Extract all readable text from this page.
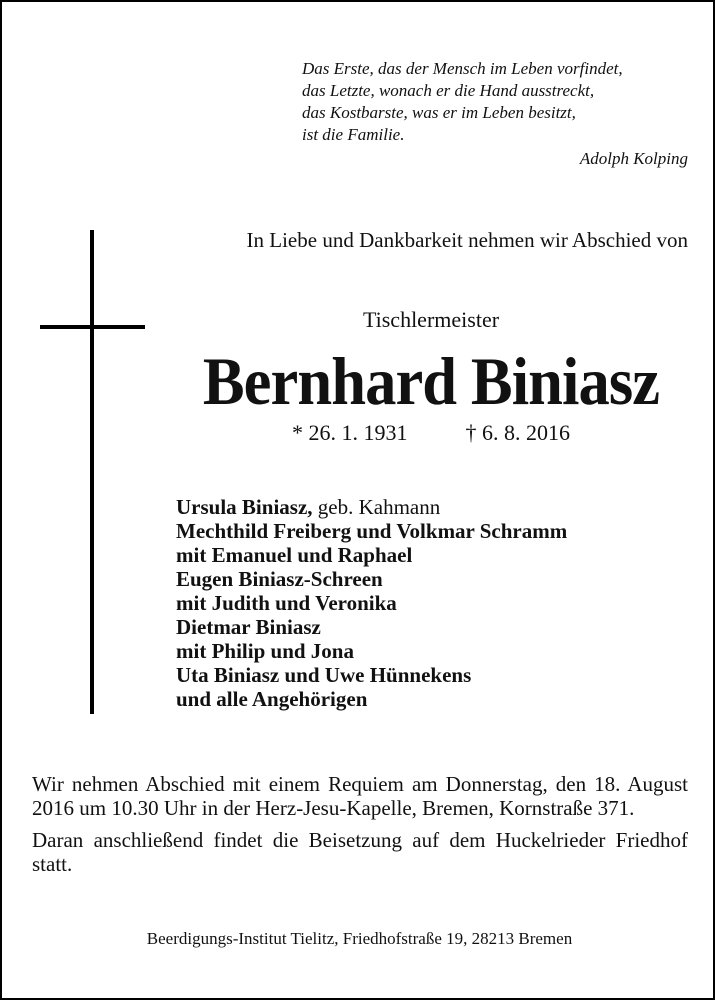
Das Erste, das der Mensch im Leben vorfindet,
das Letzte, wonach er die Hand ausstreckt,
das Kostbarste, was er im Leben besitzt,
ist die Familie.
Adolph Kolping
In Liebe und Dankbarkeit nehmen wir Abschied von
Tischlermeister
Bernhard Biniasz
* 26. 1. 1931	† 6. 8. 2016
Ursula Biniasz, geb. Kahmann
Mechthild Freiberg und Volkmar Schramm
mit Emanuel und Raphael
Eugen Biniasz-Schreen
mit Judith und Veronika
Dietmar Biniasz
mit Philip und Jona
Uta Biniasz und Uwe Hünnekens
und alle Angehörigen

Wir nehmen Abschied mit einem Requiem am Donnerstag, den 18. August 2016 um 10.30 Uhr in der Herz-Jesu-Kapelle, Bremen, Kornstraße 371.

Daran anschließend findet die Beisetzung auf dem Huckelrieder Friedhof statt.

Beerdigungs-Institut Tielitz, Friedhofstraße 19, 28213 Bremen
